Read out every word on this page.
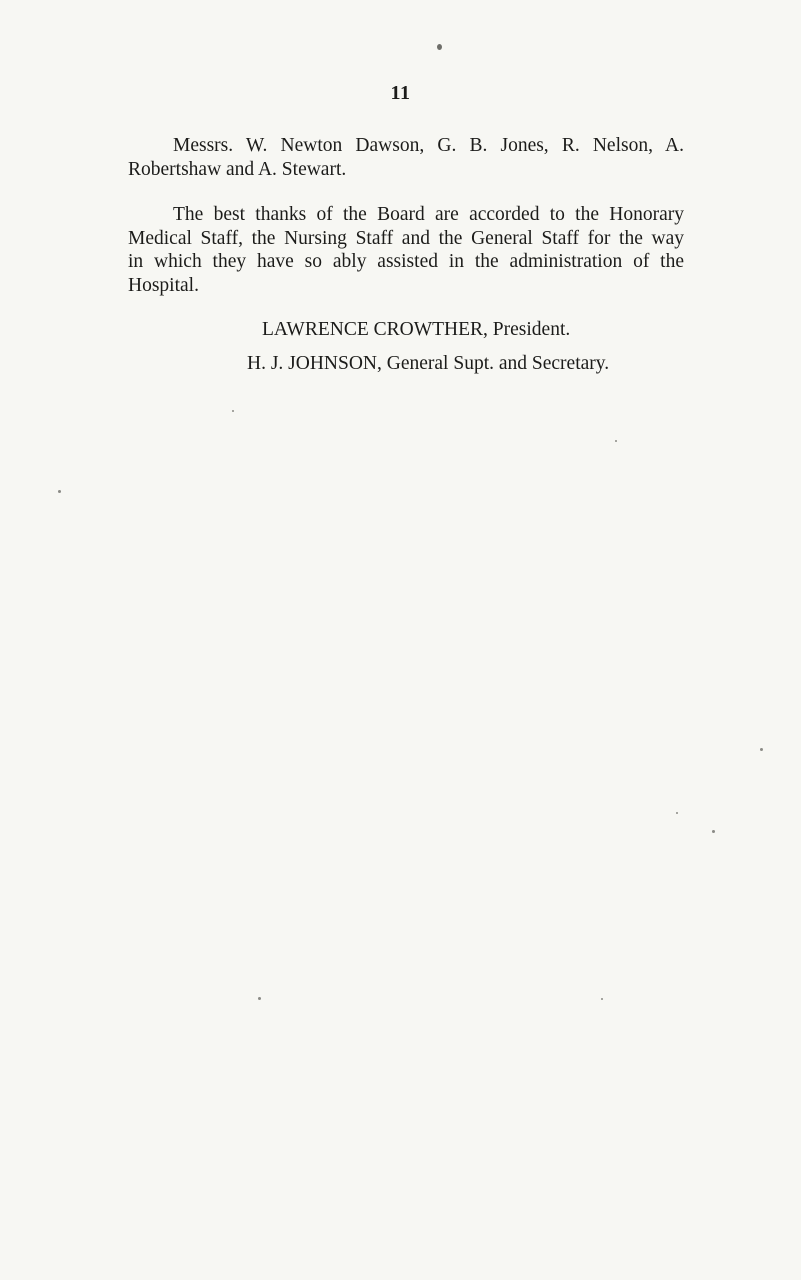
11
Messrs. W. Newton Dawson, G. B. Jones, R. Nelson, A.
Robertshaw and A. Stewart.
The best thanks of the Board are accorded to the Honorary
Medical Staff, the Nursing Staff and the General Staff for the way
in which they have so ably assisted in the administration of the
Hospital.
LAWRENCE CROWTHER, President.
H. J. JOHNSON, General Supt. and Secretary.
